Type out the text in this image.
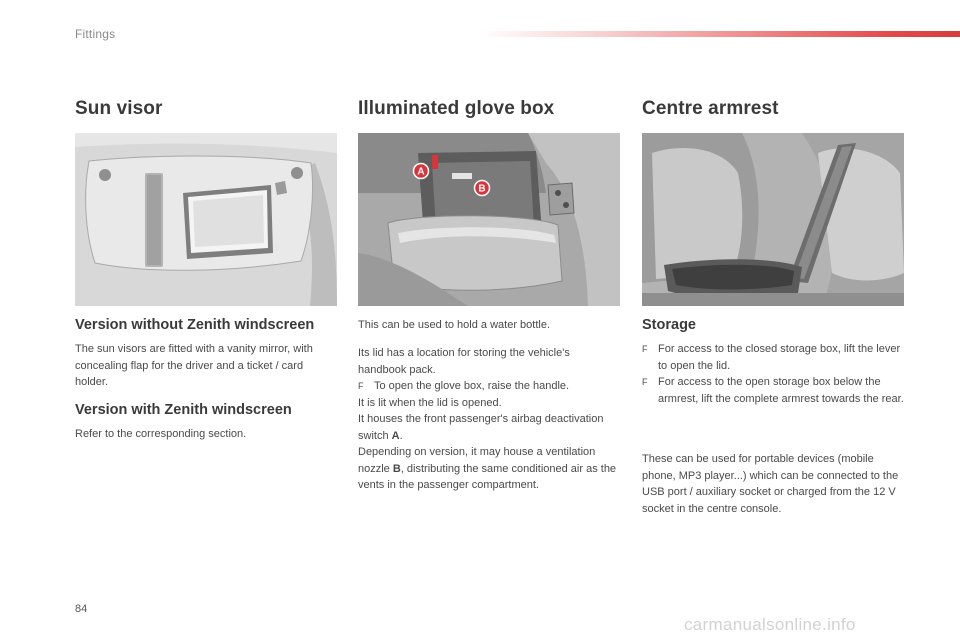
Fittings
Sun visor
Version without Zenith windscreen

The sun visors are fitted with a vanity mirror, with concealing flap for the driver and a ticket / card holder.

Version with Zenith windscreen

Refer to the corresponding section.

Illuminated glove box
A
B

This can be used to hold a water bottle.

Its lid has a location for storing the vehicle's handbook pack.

F To open the glove box, raise the handle.

It is lit when the lid is opened.

It houses the front passenger's airbag deactivation switch A.

Depending on version, it may house a ventilation nozzle B, distributing the same conditioned air as the vents in the passenger compartment.

Centre armrest
Storage

F For access to the closed storage box, lift the lever to open the lid.

F For access to the open storage box below the armrest, lift the complete armrest towards the rear.

These can be used for portable devices (mobile phone, MP3 player...) which can be connected to the USB port / auxiliary socket or charged from the 12 V socket in the centre console.

84
carmanualsonline.info
